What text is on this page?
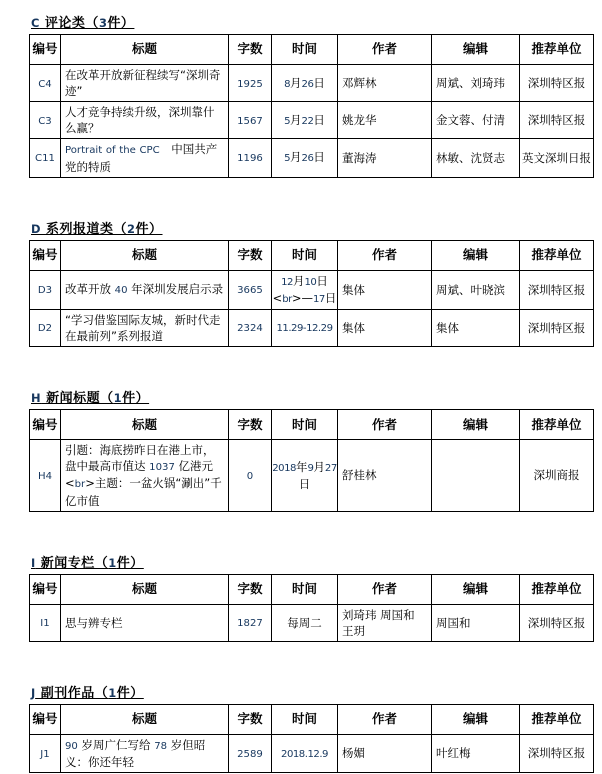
C 评论类（3件）
编号	标题	字数	时间	作者	编辑	推荐单位
C4	在改革开放新征程续写“深圳奇迹”	1925	8月26日	邓辉林	周斌、刘琦玮	深圳特区报
C3	人才竞争持续升级，深圳靠什么赢？	1567	5月22日	姚龙华	金文蓉、付清	深圳特区报
C11	Portrait of the CPC　中国共产党的特质	1196	5月26日	董海涛	林敏、沈贤志	英文深圳日报
D 系列报道类（2件）
编号	标题	字数	时间	作者	编辑	推荐单位
D3	改革开放 40 年深圳发展启示录	3665	12月10日<br>—17日	集体	周斌、叶晓滨	深圳特区报
D2	“学习借鉴国际友城，新时代走在最前列”系列报道	2324	11.29-12.29	集体	集体	深圳特区报
H 新闻标题（1件）
编号	标题	字数	时间	作者	编辑	推荐单位
H4	引题：海底捞昨日在港上市，盘中最高市值达 1037 亿港元<br>主题：一盆火锅“涮出”千亿市值	0	2018年9月27日	舒桂林		深圳商报
I 新闻专栏（1件）
编号	标题	字数	时间	作者	编辑	推荐单位
I1	思与辨专栏	1827	每周二	刘琦玮 周国和 王玥	周国和	深圳特区报
J 副刊作品（1件）
编号	标题	字数	时间	作者	编辑	推荐单位
J1	90 岁周广仁写给 78 岁但昭义：你还年轻	2589	2018.12.9	杨媚	叶红梅	深圳特区报
